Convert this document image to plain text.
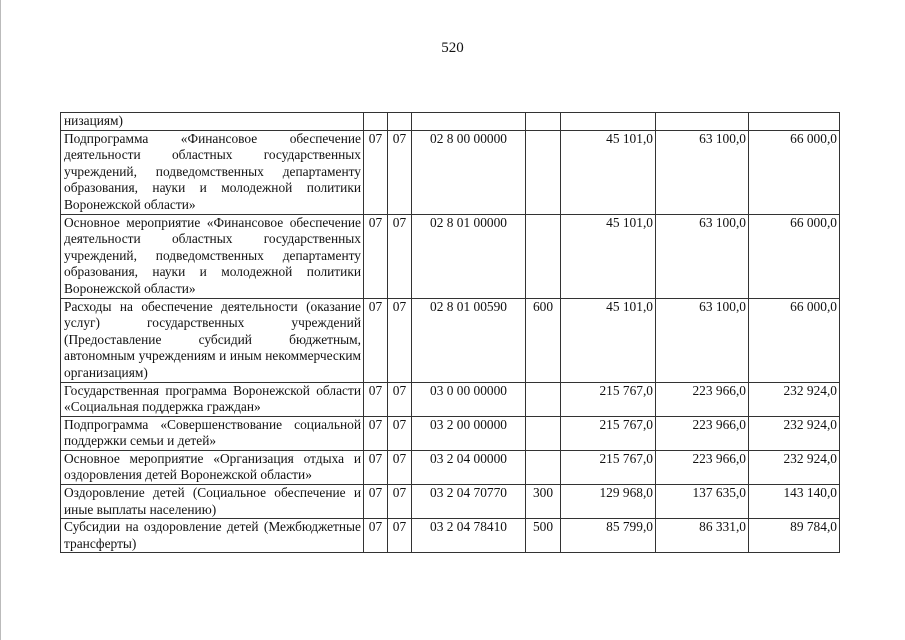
520
низациям)							
Подпрограмма «Финансовое обеспечение деятельности областных государственных учреждений, подведомственных департаменту образования, науки и молодежной политики Воронежской области»	07	07	02 8 00 00000		45 101,0	63 100,0	66 000,0
Основное мероприятие «Финансовое обеспечение деятельности областных государственных учреждений, подведомственных департаменту образования, науки и молодежной политики Воронежской области»	07	07	02 8 01 00000		45 101,0	63 100,0	66 000,0
Расходы на обеспечение деятельности (оказание услуг) государственных учреждений (Предоставление субсидий бюджетным, автономным учреждениям и иным некоммерческим организациям)	07	07	02 8 01 00590	600	45 101,0	63 100,0	66 000,0
Государственная программа Воронежской области «Социальная поддержка граждан»	07	07	03 0 00 00000		215 767,0	223 966,0	232 924,0
Подпрограмма «Совершенствование социальной поддержки семьи и детей»	07	07	03 2 00 00000		215 767,0	223 966,0	232 924,0
Основное мероприятие «Организация отдыха и оздоровления детей Воронежской области»	07	07	03 2 04 00000		215 767,0	223 966,0	232 924,0
Оздоровление детей (Социальное обеспечение и иные выплаты населению)	07	07	03 2 04 70770	300	129 968,0	137 635,0	143 140,0
Субсидии на оздоровление детей (Межбюджетные трансферты)	07	07	03 2 04 78410	500	85 799,0	86 331,0	89 784,0
